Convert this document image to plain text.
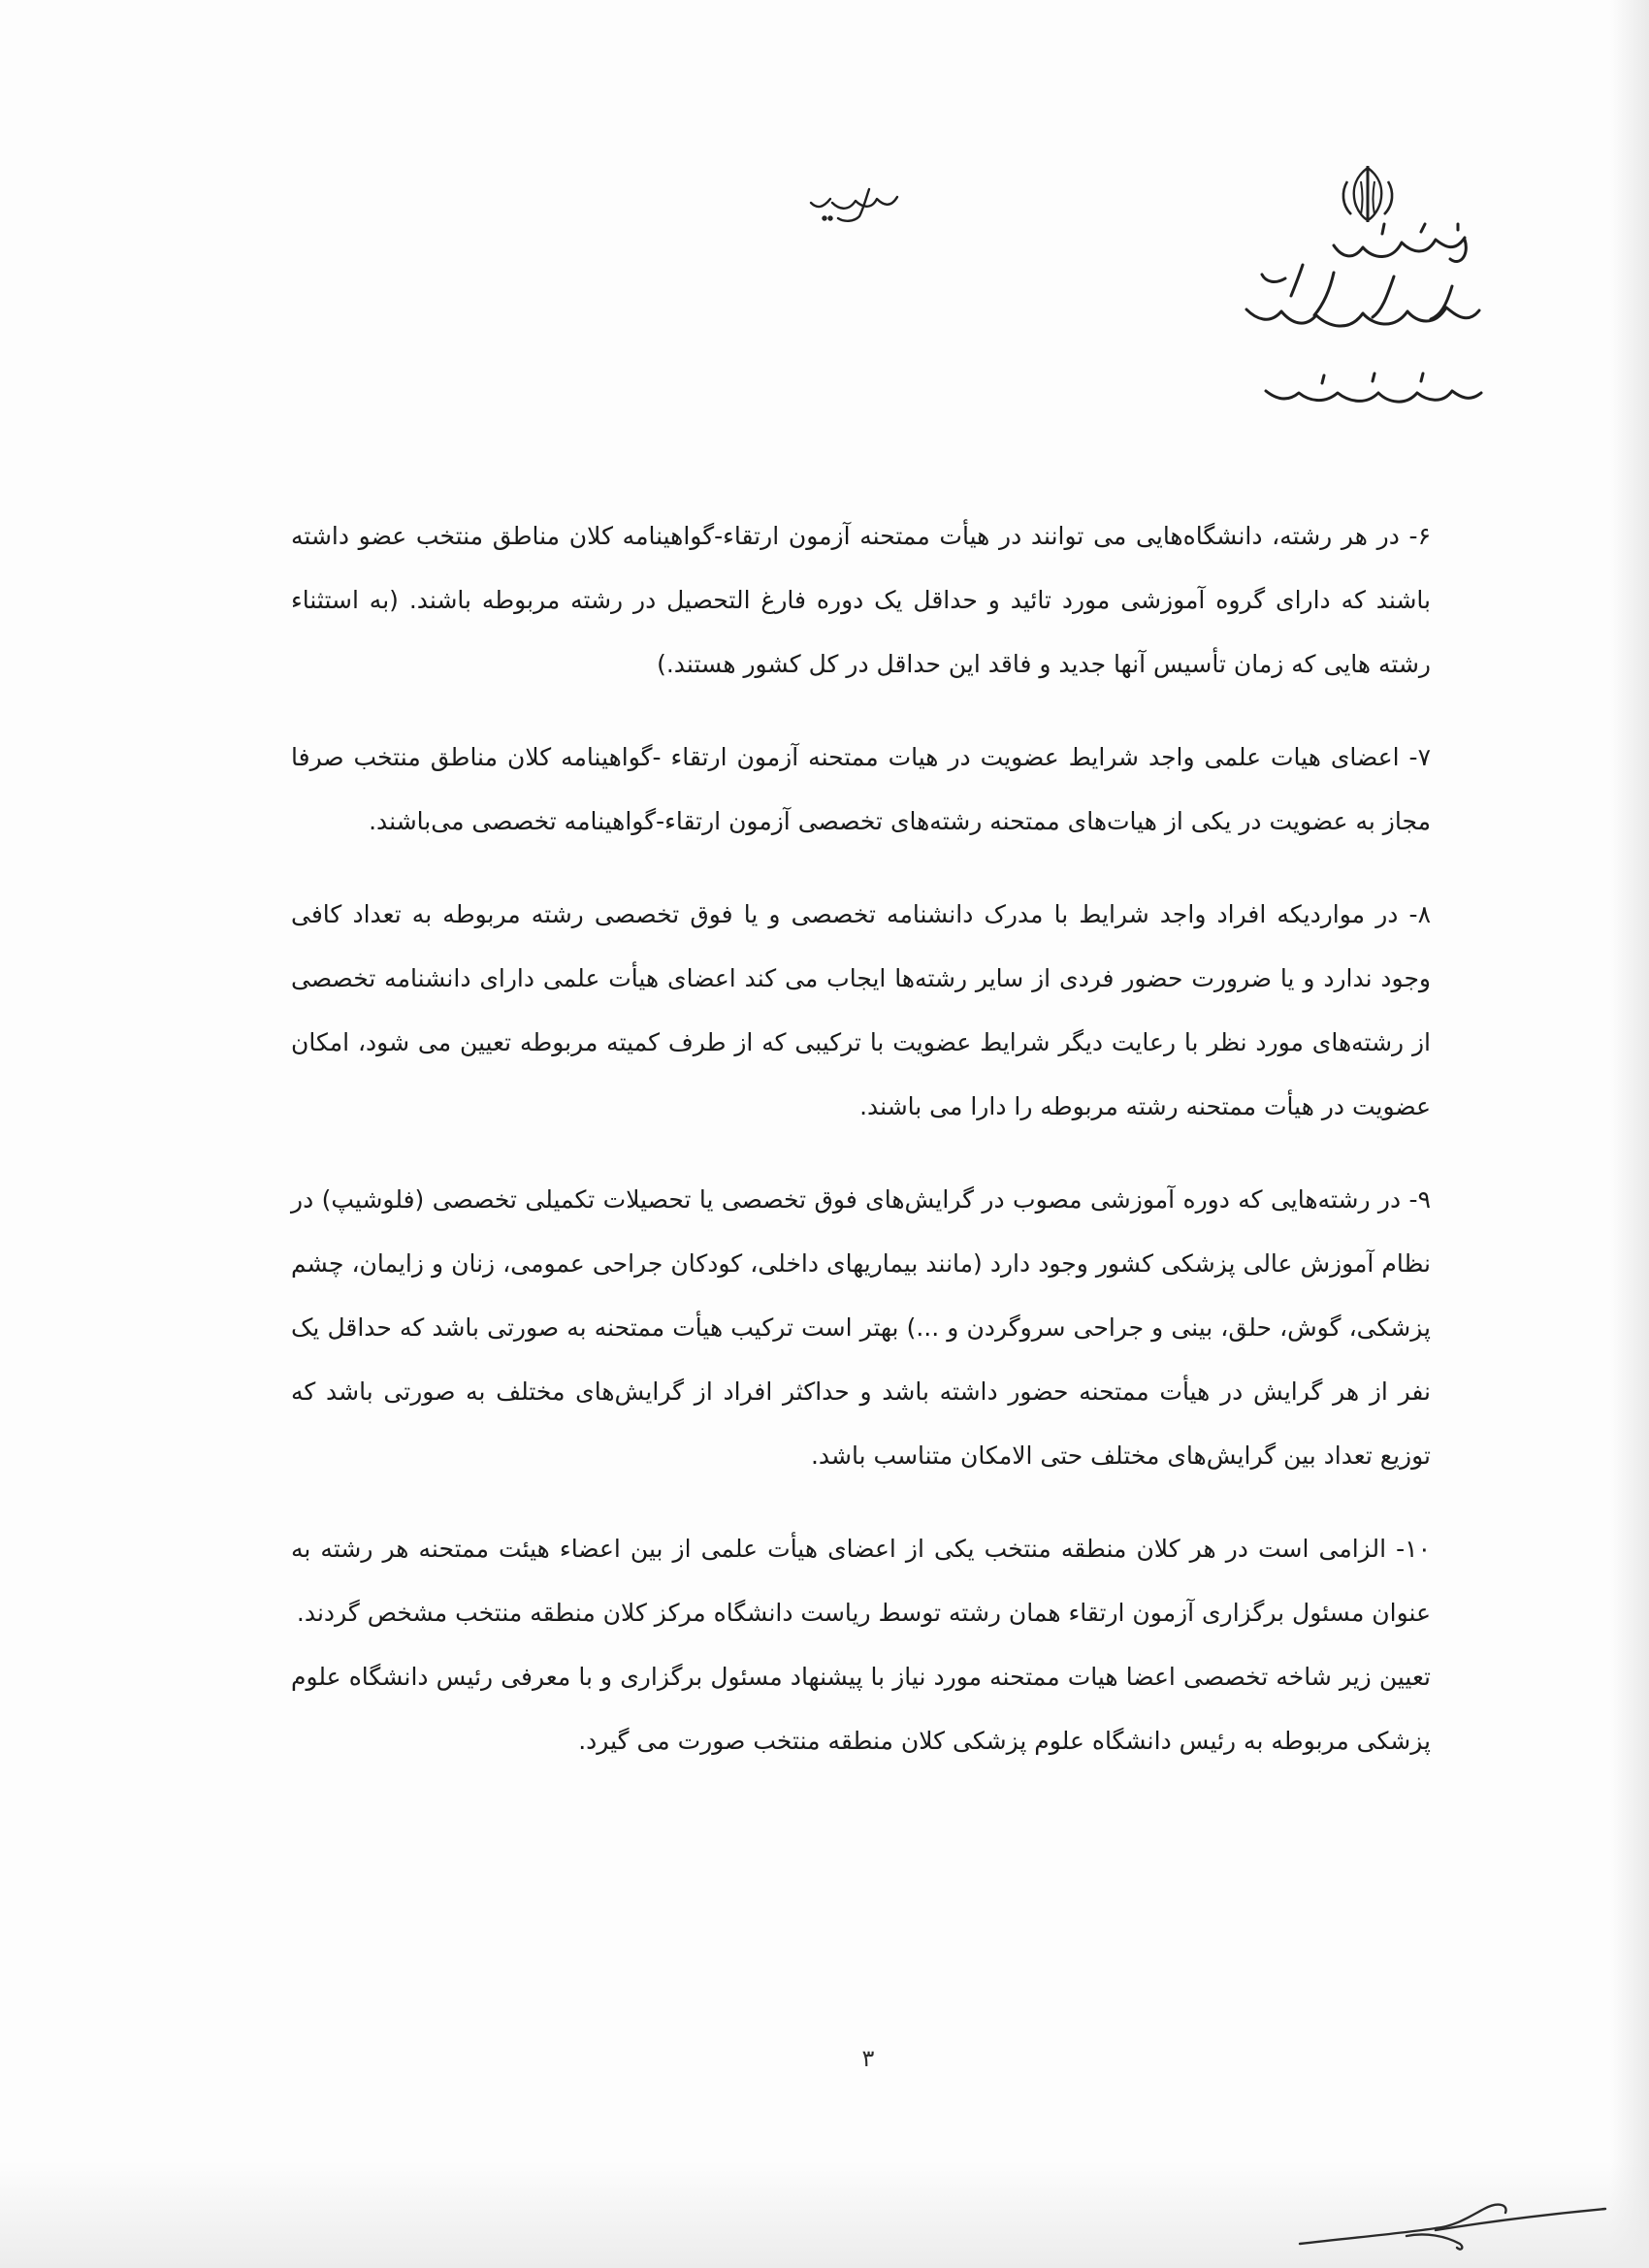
۶- در هر رشته، دانشگاه‌هایی می توانند در هیأت ممتحنه آزمون ارتقاء-گواهینامه کلان مناطق منتخب عضو داشته باشند که دارای گروه آموزشی مورد تائید و حداقل یک دوره فارغ التحصیل در رشته مربوطه باشند. (به استثناء رشته هایی که زمان تأسیس آنها جدید و فاقد این حداقل در کل کشور هستند.)

۷- اعضای هیات علمی واجد شرایط عضویت در هیات ممتحنه آزمون ارتقاء -گواهینامه کلان مناطق منتخب صرفا مجاز به عضویت در یکی از هیات‌های ممتحنه رشته‌های تخصصی آزمون ارتقاء-گواهینامه تخصصی می‌باشند.

۸- در مواردیکه افراد واجد شرایط با مدرک دانشنامه تخصصی و یا فوق تخصصی رشته مربوطه به تعداد کافی وجود ندارد و یا ضرورت حضور فردی از سایر رشته‌ها ایجاب می کند اعضای هیأت علمی دارای دانشنامه تخصصی از رشته‌های مورد نظر با رعایت دیگر شرایط عضویت با ترکیبی که از طرف کمیته مربوطه تعیین می شود، امکان عضویت در هیأت ممتحنه رشته مربوطه را دارا می باشند.

۹- در رشته‌هایی که دوره آموزشی مصوب در گرایش‌های فوق تخصصی یا تحصیلات تکمیلی تخصصی (فلوشیپ) در نظام آموزش عالی پزشکی کشور وجود دارد (مانند بیماریهای داخلی، کودکان جراحی عمومی، زنان و زایمان، چشم پزشکی، گوش، حلق، بینی و جراحی سروگردن و ...) بهتر است ترکیب هیأت ممتحنه به صورتی باشد که حداقل یک نفر از هر گرایش در هیأت ممتحنه حضور داشته باشد و حداکثر افراد از گرایش‌های مختلف به صورتی باشد که توزیع تعداد بین گرایش‌های مختلف حتی الامکان متناسب باشد.

۱۰- الزامی است در هر کلان منطقه منتخب یکی از اعضای هیأت علمی از بین اعضاء هیئت ممتحنه هر رشته به عنوان مسئول برگزاری آزمون ارتقاء همان رشته توسط ریاست دانشگاه مرکز کلان منطقه منتخب مشخص گردند.

تعیین زیر شاخه تخصصی اعضا هیات ممتحنه مورد نیاز با پیشنهاد مسئول برگزاری و با معرفی رئیس دانشگاه علوم پزشکی مربوطه به رئیس دانشگاه علوم پزشکی کلان منطقه منتخب صورت می گیرد.

۳
